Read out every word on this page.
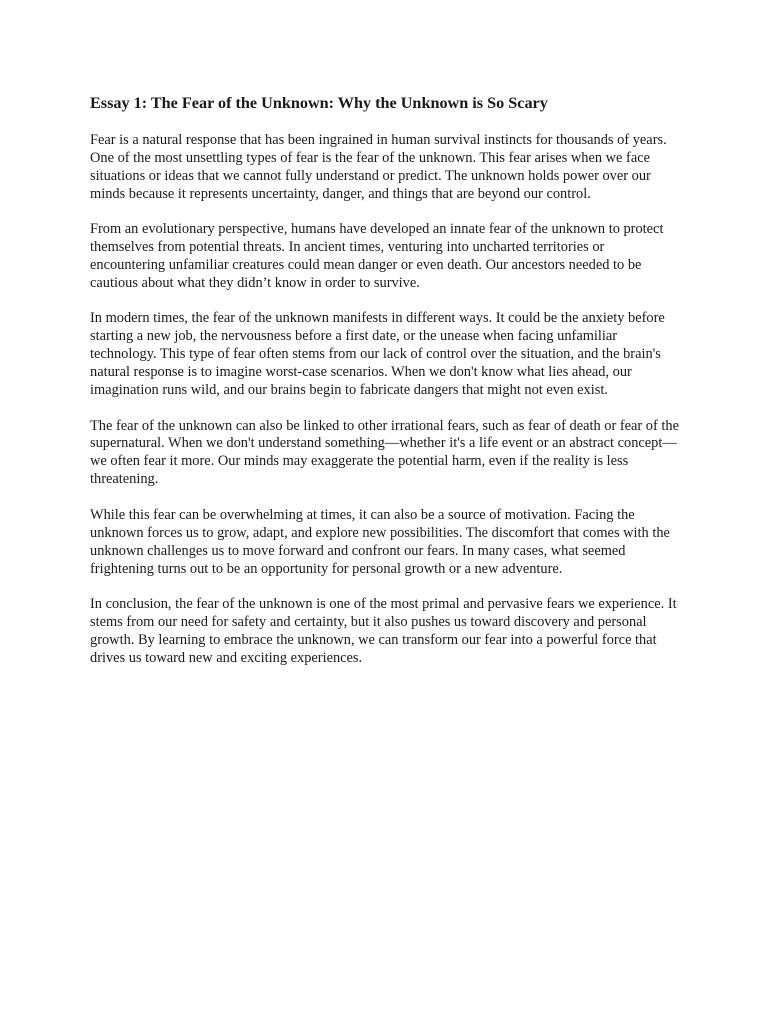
Essay 1: The Fear of the Unknown: Why the Unknown is So Scary

Fear is a natural response that has been ingrained in human survival instincts for thousands of years. One of the most unsettling types of fear is the fear of the unknown. This fear arises when we face situations or ideas that we cannot fully understand or predict. The unknown holds power over our minds because it represents uncertainty, danger, and things that are beyond our control.

From an evolutionary perspective, humans have developed an innate fear of the unknown to protect themselves from potential threats. In ancient times, venturing into uncharted territories or encountering unfamiliar creatures could mean danger or even death. Our ancestors needed to be cautious about what they didn’t know in order to survive.

In modern times, the fear of the unknown manifests in different ways. It could be the anxiety before starting a new job, the nervousness before a first date, or the unease when facing unfamiliar technology. This type of fear often stems from our lack of control over the situation, and the brain's natural response is to imagine worst-case scenarios. When we don't know what lies ahead, our imagination runs wild, and our brains begin to fabricate dangers that might not even exist.

The fear of the unknown can also be linked to other irrational fears, such as fear of death or fear of the supernatural. When we don't understand something—whether it's a life event or an abstract concept—we often fear it more. Our minds may exaggerate the potential harm, even if the reality is less threatening.

While this fear can be overwhelming at times, it can also be a source of motivation. Facing the unknown forces us to grow, adapt, and explore new possibilities. The discomfort that comes with the unknown challenges us to move forward and confront our fears. In many cases, what seemed frightening turns out to be an opportunity for personal growth or a new adventure.

In conclusion, the fear of the unknown is one of the most primal and pervasive fears we experience. It stems from our need for safety and certainty, but it also pushes us toward discovery and personal growth. By learning to embrace the unknown, we can transform our fear into a powerful force that drives us toward new and exciting experiences.
